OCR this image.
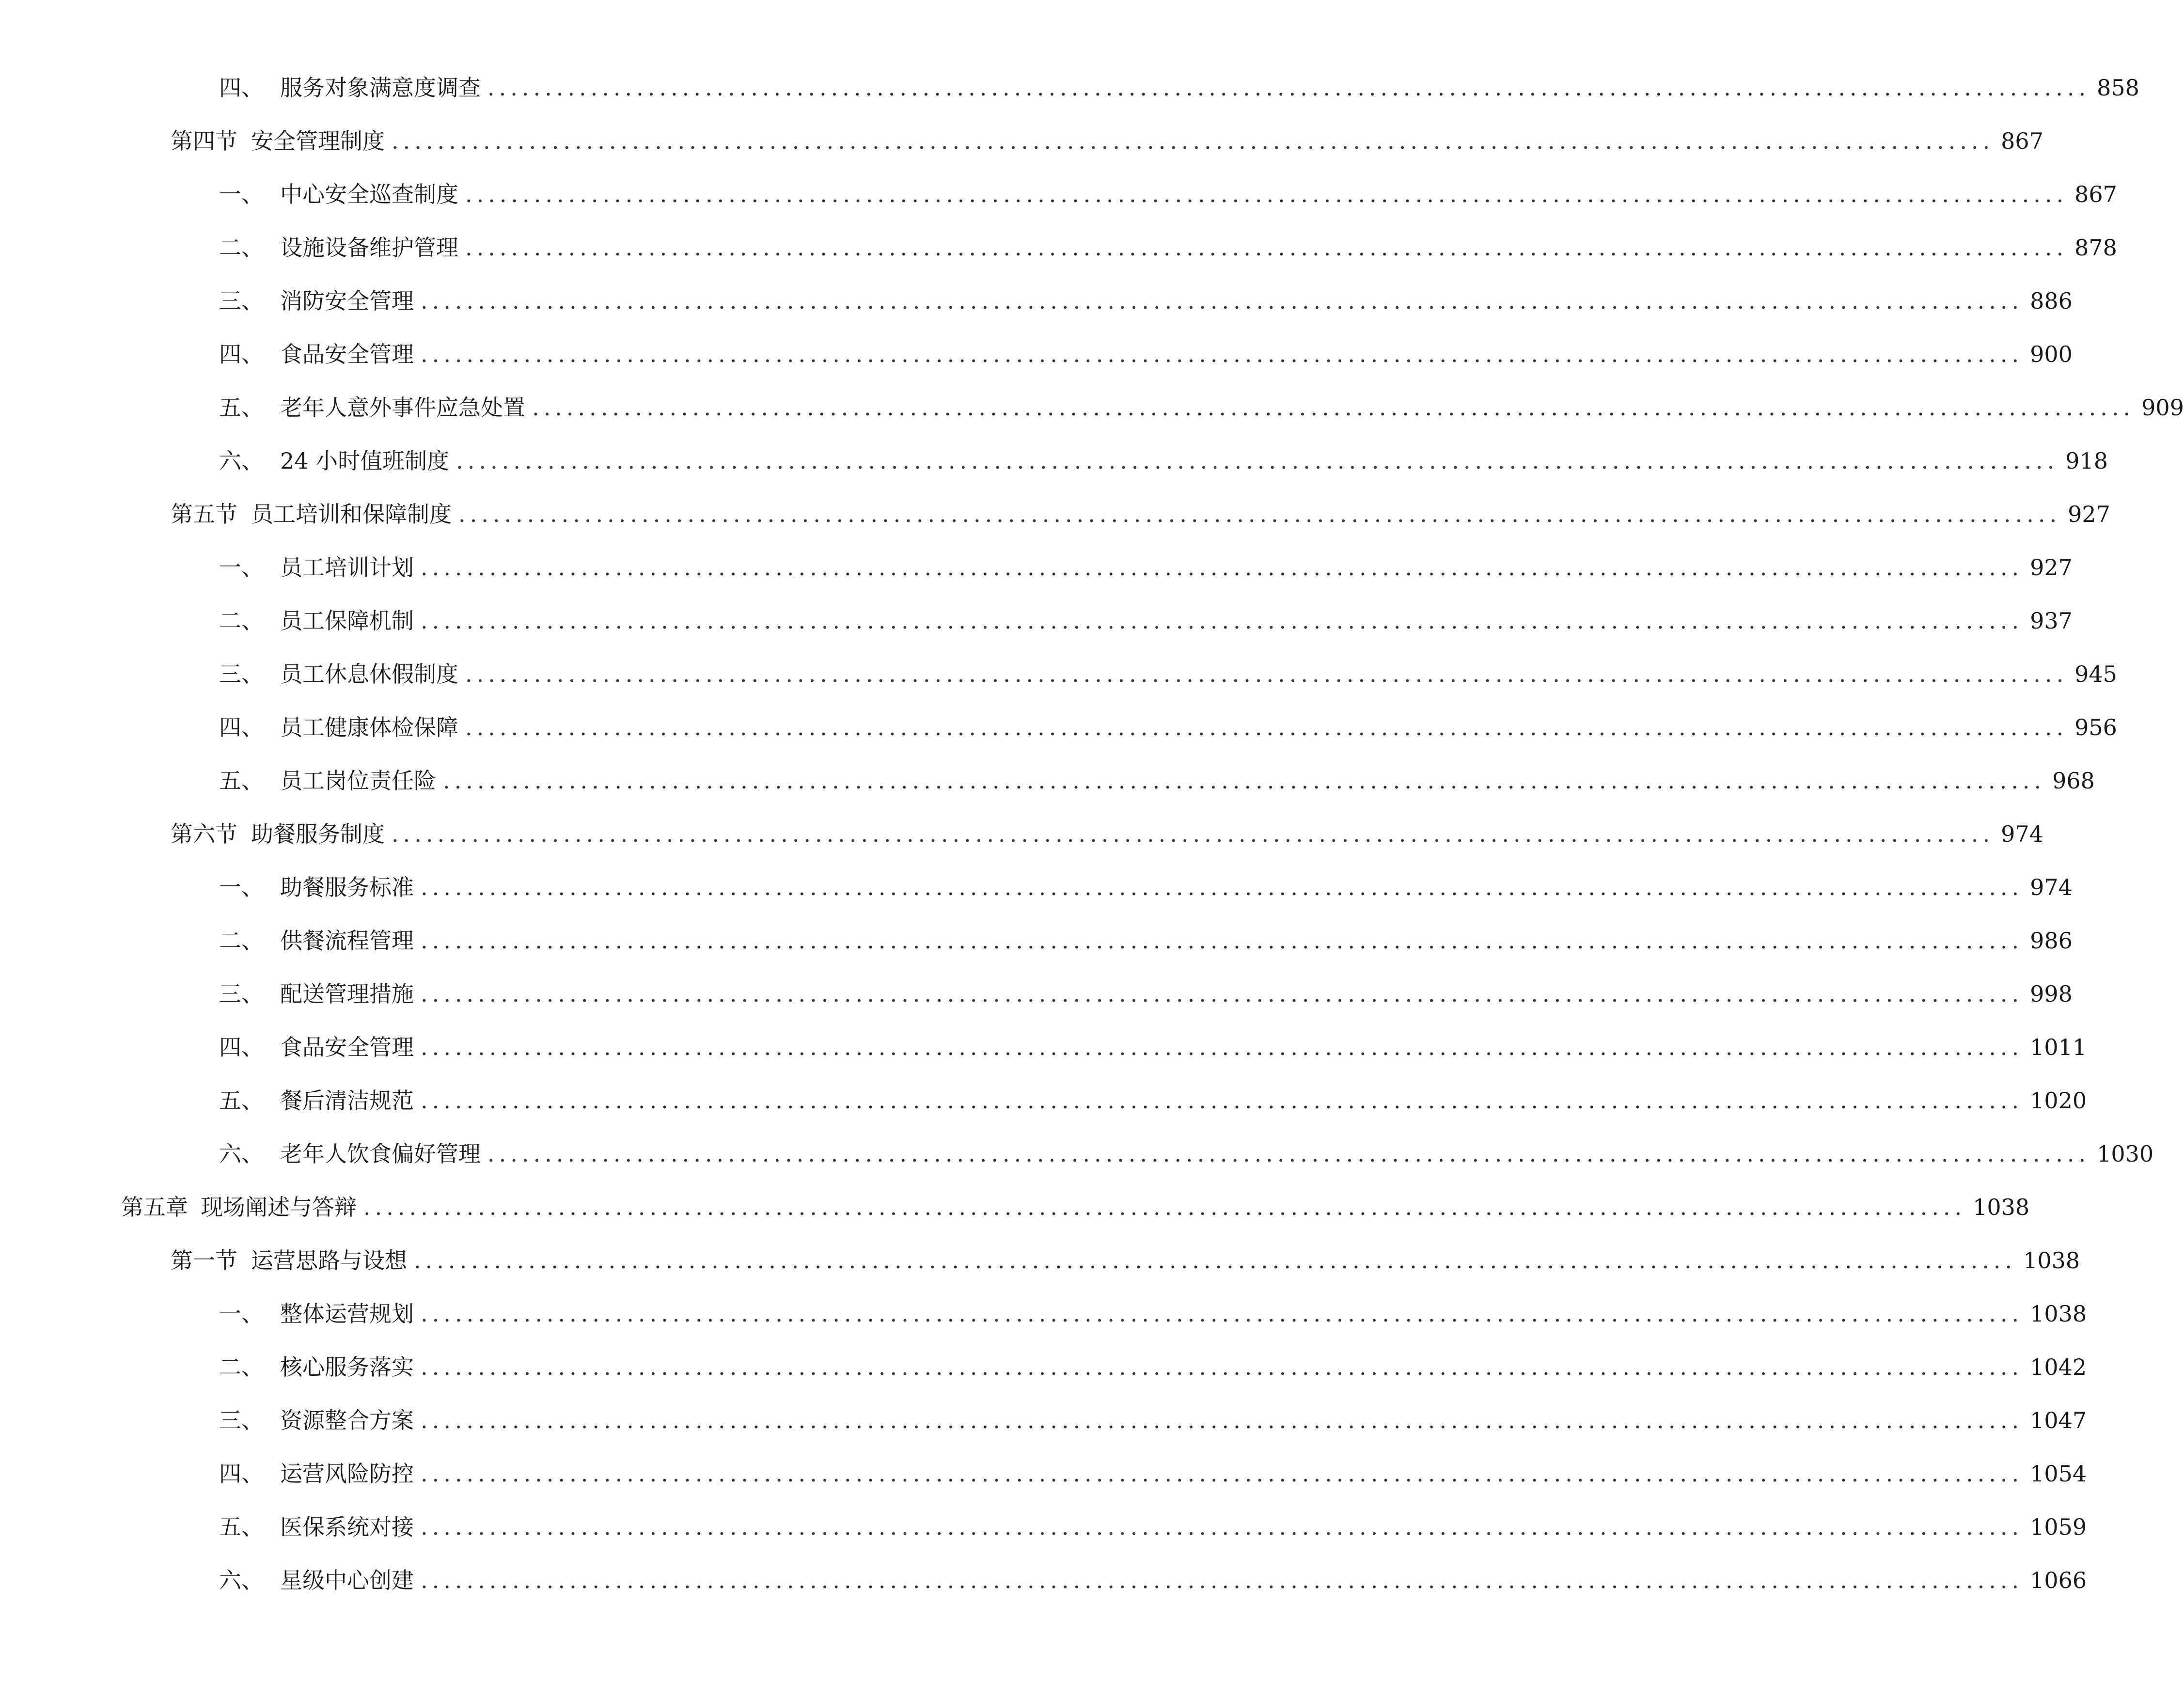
四、 服务对象满意度调查 ............................................................................................................................................ 858
第四节 安全管理制度 ............................................................................................................................................ 867
一、 中心安全巡查制度 ............................................................................................................................................ 867
二、 设施设备维护管理 ............................................................................................................................................ 878
三、 消防安全管理 ............................................................................................................................................ 886
四、 食品安全管理 ............................................................................................................................................ 900
五、 老年人意外事件应急处置 ............................................................................................................................................ 909
六、 24 小时值班制度 ............................................................................................................................................ 918
第五节 员工培训和保障制度 ............................................................................................................................................ 927
一、 员工培训计划 ............................................................................................................................................ 927
二、 员工保障机制 ............................................................................................................................................ 937
三、 员工休息休假制度 ............................................................................................................................................ 945
四、 员工健康体检保障 ............................................................................................................................................ 956
五、 员工岗位责任险 ............................................................................................................................................ 968
第六节 助餐服务制度 ............................................................................................................................................ 974
一、 助餐服务标准 ............................................................................................................................................ 974
二、 供餐流程管理 ............................................................................................................................................ 986
三、 配送管理措施 ............................................................................................................................................ 998
四、 食品安全管理 ............................................................................................................................................ 1011
五、 餐后清洁规范 ............................................................................................................................................ 1020
六、 老年人饮食偏好管理 ............................................................................................................................................ 1030
第五章 现场阐述与答辩 ............................................................................................................................................ 1038
第一节 运营思路与设想 ............................................................................................................................................ 1038
一、 整体运营规划 ............................................................................................................................................ 1038
二、 核心服务落实 ............................................................................................................................................ 1042
三、 资源整合方案 ............................................................................................................................................ 1047
四、 运营风险防控 ............................................................................................................................................ 1054
五、 医保系统对接 ............................................................................................................................................ 1059
六、 星级中心创建 ............................................................................................................................................ 1066
